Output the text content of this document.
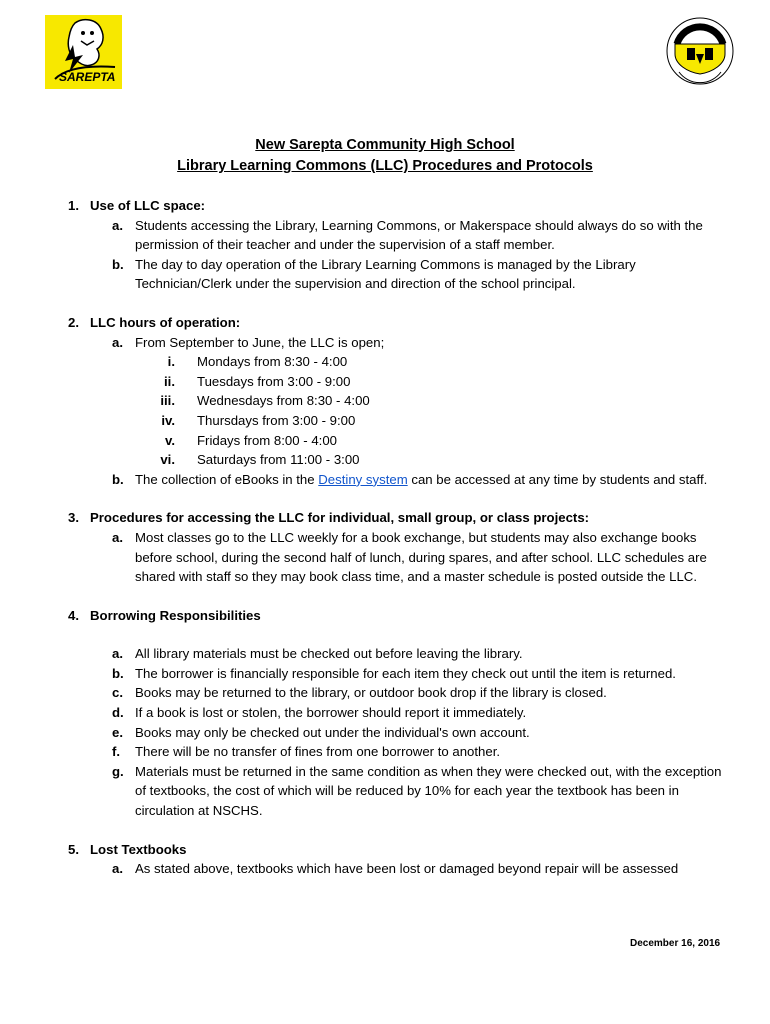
SAREPTA
New Sarepta Community High School
Library Learning Commons (LLC) Procedures and Protocols
1. Use of LLC space:
a. Students accessing the Library, Learning Commons, or Makerspace should always do so with the permission of their teacher and under the supervision of a staff member.
b. The day to day operation of the Library Learning Commons is managed by the Library Technician/Clerk under the supervision and direction of the school principal.
2. LLC hours of operation:
a. From September to June, the LLC is open;
i.	Mondays from 8:30 - 4:00
ii.	Tuesdays from 3:00 - 9:00
iii.	Wednesdays from 8:30 - 4:00
iv.	Thursdays from 3:00 - 9:00
v.	Fridays from 8:00 - 4:00
vi.	Saturdays from 11:00 - 3:00
b. The collection of eBooks in the Destiny system can be accessed at any time by students and staff.
3. Procedures for accessing the LLC for individual, small group, or class projects:
a. Most classes go to the LLC weekly for a book exchange, but students may also exchange books before school, during the second half of lunch, during spares, and after school. LLC schedules are shared with staff so they may book class time, and a master schedule is posted outside the LLC.
4. Borrowing Responsibilities
a. All library materials must be checked out before leaving the library.
b. The borrower is financially responsible for each item they check out until the item is returned.
c. Books may be returned to the library, or outdoor book drop if the library is closed.
d. If a book is lost or stolen, the borrower should report it immediately.
e. Books may only be checked out under the individual's own account.
f.	There will be no transfer of fines from one borrower to another.
g. Materials must be returned in the same condition as when they were checked out, with the exception of textbooks, the cost of which will be reduced by 10% for each year the textbook has been in circulation at NSCHS.
5. Lost Textbooks
a. As stated above, textbooks which have been lost or damaged beyond repair will be assessed
December 16, 2016
